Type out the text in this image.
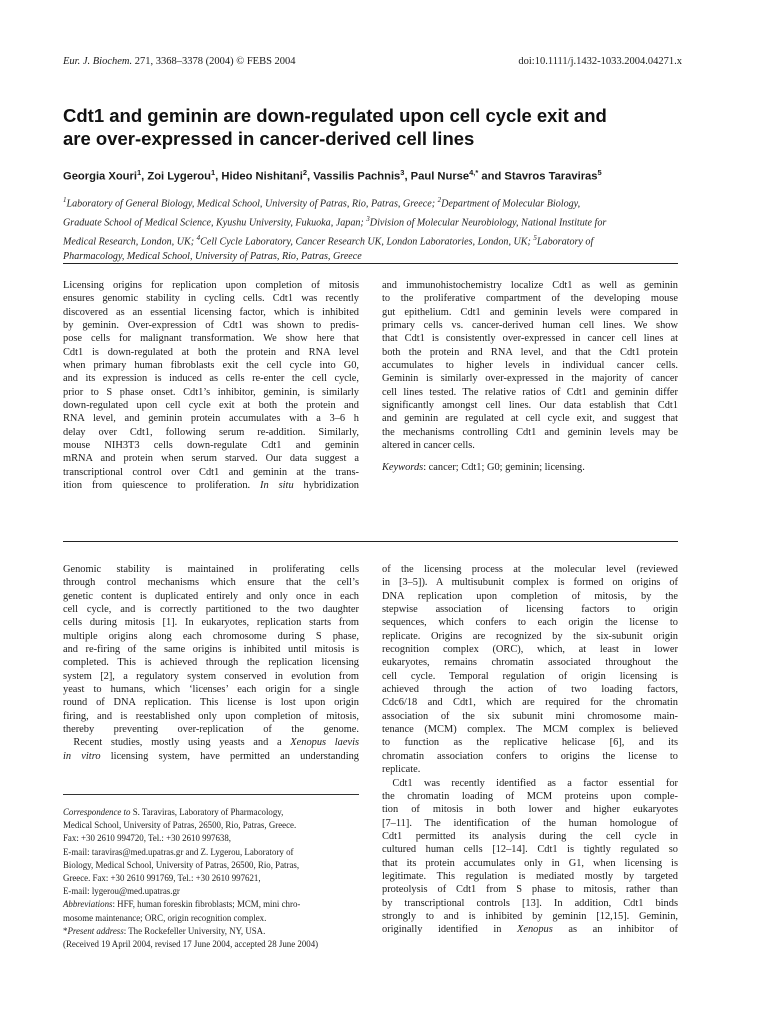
Eur. J. Biochem. 271, 3368–3378 (2004) © FEBS 2004	doi:10.1111/j.1432-1033.2004.04271.x
Cdt1 and geminin are down-regulated upon cell cycle exit and
are over-expressed in cancer-derived cell lines
Georgia Xouri$^1$, Zoi Lygerou$^1$, Hideo Nishitani$^2$, Vassilis Pachnis$^3$, Paul Nurse$^{4,*}$ and Stavros Taraviras$^5$
$^1$Laboratory of General Biology, Medical School, University of Patras, Rio, Patras, Greece; $^2$Department of Molecular Biology,
Graduate School of Medical Science, Kyushu University, Fukuoka, Japan; $^3$Division of Molecular Neurobiology, National Institute for
Medical Research, London, UK; $^4$Cell Cycle Laboratory, Cancer Research UK, London Laboratories, London, UK; $^5$Laboratory of
Pharmacology, Medical School, University of Patras, Rio, Patras, Greece
Licensing origins for replication upon completion of mitosis
ensures genomic stability in cycling cells. Cdt1 was recently
discovered as an essential licensing factor, which is inhibited
by geminin. Over-expression of Cdt1 was shown to predis-
pose cells for malignant transformation. We show here that
Cdt1 is down-regulated at both the protein and RNA level
when primary human fibroblasts exit the cell cycle into G0,
and its expression is induced as cells re-enter the cell cycle,
prior to S phase onset. Cdt1’s inhibitor, geminin, is similarly
down-regulated upon cell cycle exit at both the protein and
RNA level, and geminin protein accumulates with a 3–6 h
delay over Cdt1, following serum re-addition. Similarly,
mouse NIH3T3 cells down-regulate Cdt1 and geminin
mRNA and protein when serum starved. Our data suggest a
transcriptional control over Cdt1 and geminin at the trans-
ition from quiescence to proliferation. In situ hybridization
and immunohistochemistry localize Cdt1 as well as geminin
to the proliferative compartment of the developing mouse
gut epithelium. Cdt1 and geminin levels were compared in
primary cells vs. cancer-derived human cell lines. We show
that Cdt1 is consistently over-expressed in cancer cell lines at
both the protein and RNA level, and that the Cdt1 protein
accumulates to higher levels in individual cancer cells.
Geminin is similarly over-expressed in the majority of cancer
cell lines tested. The relative ratios of Cdt1 and geminin differ
significantly amongst cell lines. Our data establish that Cdt1
and geminin are regulated at cell cycle exit, and suggest that
the mechanisms controlling Cdt1 and geminin levels may be
altered in cancer cells.
Keywords: cancer; Cdt1; G0; geminin; licensing.
Genomic stability is maintained in proliferating cells
through control mechanisms which ensure that the cell’s
genetic content is duplicated entirely and only once in each
cell cycle, and is correctly partitioned to the two daughter
cells during mitosis [1]. In eukaryotes, replication starts from
multiple origins along each chromosome during S phase,
and re-firing of the same origins is inhibited until mitosis is
completed. This is achieved through the replication licensing
system [2], a regulatory system conserved in evolution from
yeast to humans, which ‘licenses’ each origin for a single
round of DNA replication. This license is lost upon origin
firing, and is reestablished only upon completion of mitosis,
thereby preventing over-replication of the genome.
 Recent studies, mostly using yeasts and a Xenopus laevis
in vitro licensing system, have permitted an understanding
of the licensing process at the molecular level (reviewed
in [3–5]). A multisubunit complex is formed on origins of
DNA replication upon completion of mitosis, by the
stepwise association of licensing factors to origin
sequences, which confers to each origin the license to
replicate. Origins are recognized by the six-subunit origin
recognition complex (ORC), which, at least in lower
eukaryotes, remains chromatin associated throughout the
cell cycle. Temporal regulation of origin licensing is
achieved through the action of two loading factors,
Cdc6/18 and Cdt1, which are required for the chromatin
association of the six subunit mini chromosome main-
tenance (MCM) complex. The MCM complex is believed
to function as the replicative helicase [6], and its
chromatin association confers to origins the license to
replicate.
 Cdt1 was recently identified as a factor essential for
the chromatin loading of MCM proteins upon comple-
tion of mitosis in both lower and higher eukaryotes
[7–11]. The identification of the human homologue of
Cdt1 permitted its analysis during the cell cycle in
cultured human cells [12–14]. Cdt1 is tightly regulated so
that its protein accumulates only in G1, when licensing is
legitimate. This regulation is mediated mostly by targeted
proteolysis of Cdt1 from S phase to mitosis, rather than
by transcriptional controls [13]. In addition, Cdt1 binds
strongly to and is inhibited by geminin [12,15]. Geminin,
originally identified in Xenopus as an inhibitor of
Correspondence to S. Taraviras, Laboratory of Pharmacology,
Medical School, University of Patras, 26500, Rio, Patras, Greece.
Fax: +30 2610 994720, Tel.: +30 2610 997638,
E-mail: taraviras@med.upatras.gr and Z. Lygerou, Laboratory of
Biology, Medical School, University of Patras, 26500, Rio, Patras,
Greece. Fax: +30 2610 991769, Tel.: +30 2610 997621,
E-mail: lygerou@med.upatras.gr
Abbreviations: HFF, human foreskin fibroblasts; MCM, mini chro-
mosome maintenance; ORC, origin recognition complex.
*Present address: The Rockefeller University, NY, USA.
(Received 19 April 2004, revised 17 June 2004, accepted 28 June 2004)
